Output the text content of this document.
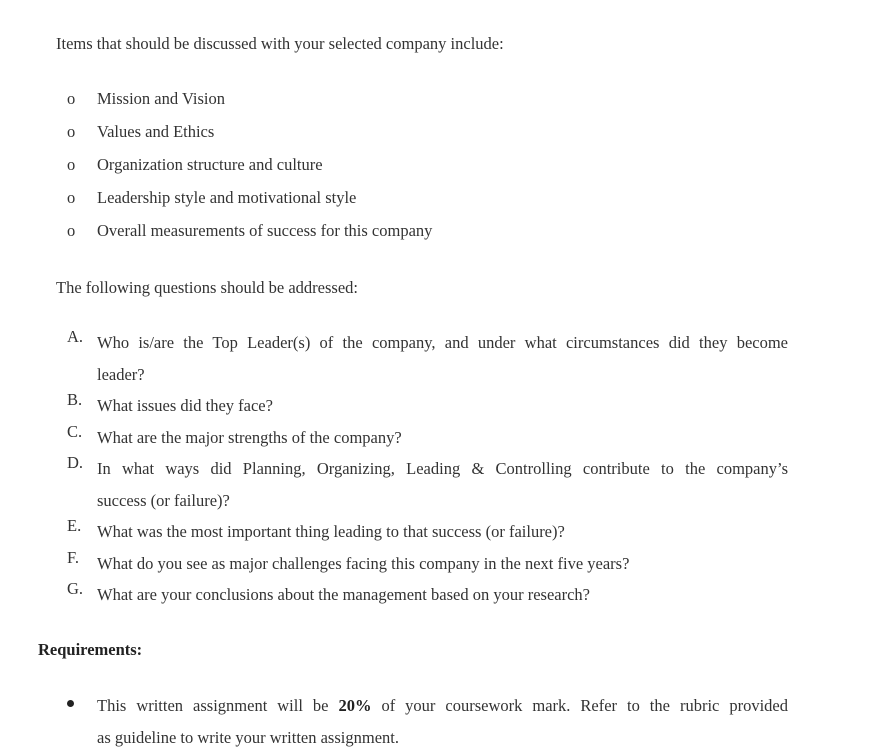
Items that should be discussed with your selected company include:
o	Mission and Vision
o	Values and Ethics
o	Organization structure and culture
o	Leadership style and motivational style
o	Overall measurements of success for this company
The following questions should be addressed:
A. Who is/are the Top Leader(s) of the company, and under what circumstances did they become
leader?
B. What issues did they face?
C. What are the major strengths of the company?
D. In what ways did Planning, Organizing, Leading & Controlling contribute to the company’s
success (or failure)?
E. What was the most important thing leading to that success (or failure)?
F.	What do you see as major challenges facing this company in the next five years?
G. What are your conclusions about the management based on your research?
Requirements:
This written assignment will be 20% of your coursework mark. Refer to the rubric provided
as guideline to write your written assignment.
